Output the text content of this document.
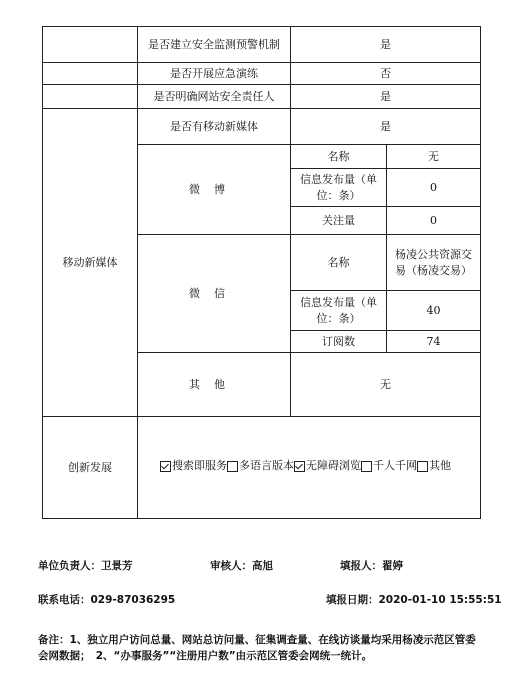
	是否建立安全监测预警机制	是	
	是否开展应急演练	否	
	是否明确网站安全责任人	是	
移动新媒体	是否有移动新媒体	是	
	微博	名称	无
		信息发布量（单位：条）	0
		关注量	0
	微信	名称	杨凌公共资源交易（杨凌交易）
		信息发布量（单位：条）	40
		订阅数	74
	其他	无	
创新发展	搜索即服务 多语言版本 无障碍浏览 千人千网 其他		
单位负责人：卫景芳	审核人：高旭	填报人：翟婷
联系电话：029-87036295	填报日期：2020-01-10 15:55:51
备注：1、独立用户访问总量、网站总访问量、征集调查量、在线访谈量均采用杨凌示范区管委会网数据；　2、“办事服务”“注册用户数”由示范区管委会网统一统计。
